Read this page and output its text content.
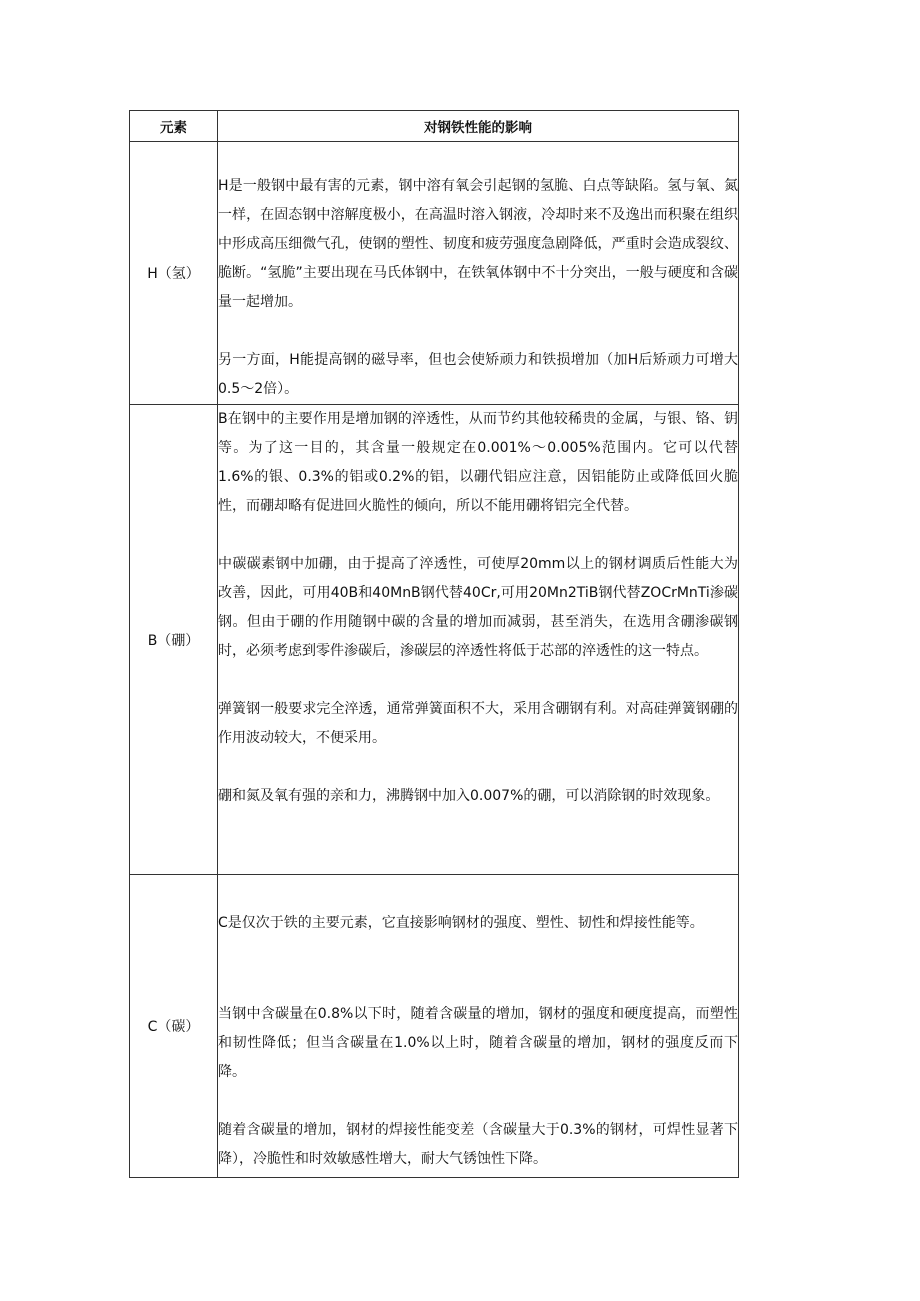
元素	对钢铁性能的影响
H（氢）	H是一般钢中最有害的元素，钢中溶有氧会引起钢的氢脆、白点等缺陷。氢与氧、氮一样，在固态钢中溶解度极小，在高温时溶入钢液，冷却时来不及逸出而积聚在组织中形成高压细微气孔，使钢的塑性、韧度和疲劳强度急剧降低，严重时会造成裂纹、脆断。“氢脆”主要出现在马氏体钢中，在铁氧体钢中不十分突出，一般与硬度和含碳量一起增加。

另一方面，H能提高钢的磁导率，但也会使矫顽力和铁损增加（加H后矫顽力可增大0.5～2倍）。

B（硼）	B在钢中的主要作用是增加钢的淬透性，从而节约其他较稀贵的金属，与银、铬、钥等。为了这一目的，其含量一般规定在0.001%～0.005%范围内。它可以代替1.6%的银、0.3%的铝或0.2%的铝，以硼代铝应注意，因铝能防止或降低回火脆性，而硼却略有促进回火脆性的倾向，所以不能用硼将铝完全代替。

中碳碳素钢中加硼，由于提高了淬透性，可使厚20mm以上的钢材调质后性能大为改善，因此，可用40B和40MnB钢代替40Cr,可用20Mn2TiB钢代替ZOCrMnTi渗碳钢。但由于硼的作用随钢中碳的含量的增加而减弱，甚至消失，在选用含硼渗碳钢时，必须考虑到零件渗碳后，渗碳层的淬透性将低于芯部的淬透性的这一特点。

弹簧钢一般要求完全淬透，通常弹簧面积不大，采用含硼钢有利。对高硅弹簧钢硼的作用波动较大，不便采用。

硼和氮及氧有强的亲和力，沸腾钢中加入0.007%的硼，可以消除钢的时效现象。

C（碳）	C是仅次于铁的主要元素，它直接影响钢材的强度、塑性、韧性和焊接性能等。

当钢中含碳量在0.8%以下时，随着含碳量的增加，钢材的强度和硬度提高，而塑性和韧性降低；但当含碳量在1.0%以上时，随着含碳量的增加，钢材的强度反而下降。

随着含碳量的增加，钢材的焊接性能变差（含碳量大于0.3%的钢材，可焊性显著下降），冷脆性和时效敏感性增大，耐大气锈蚀性下降。
